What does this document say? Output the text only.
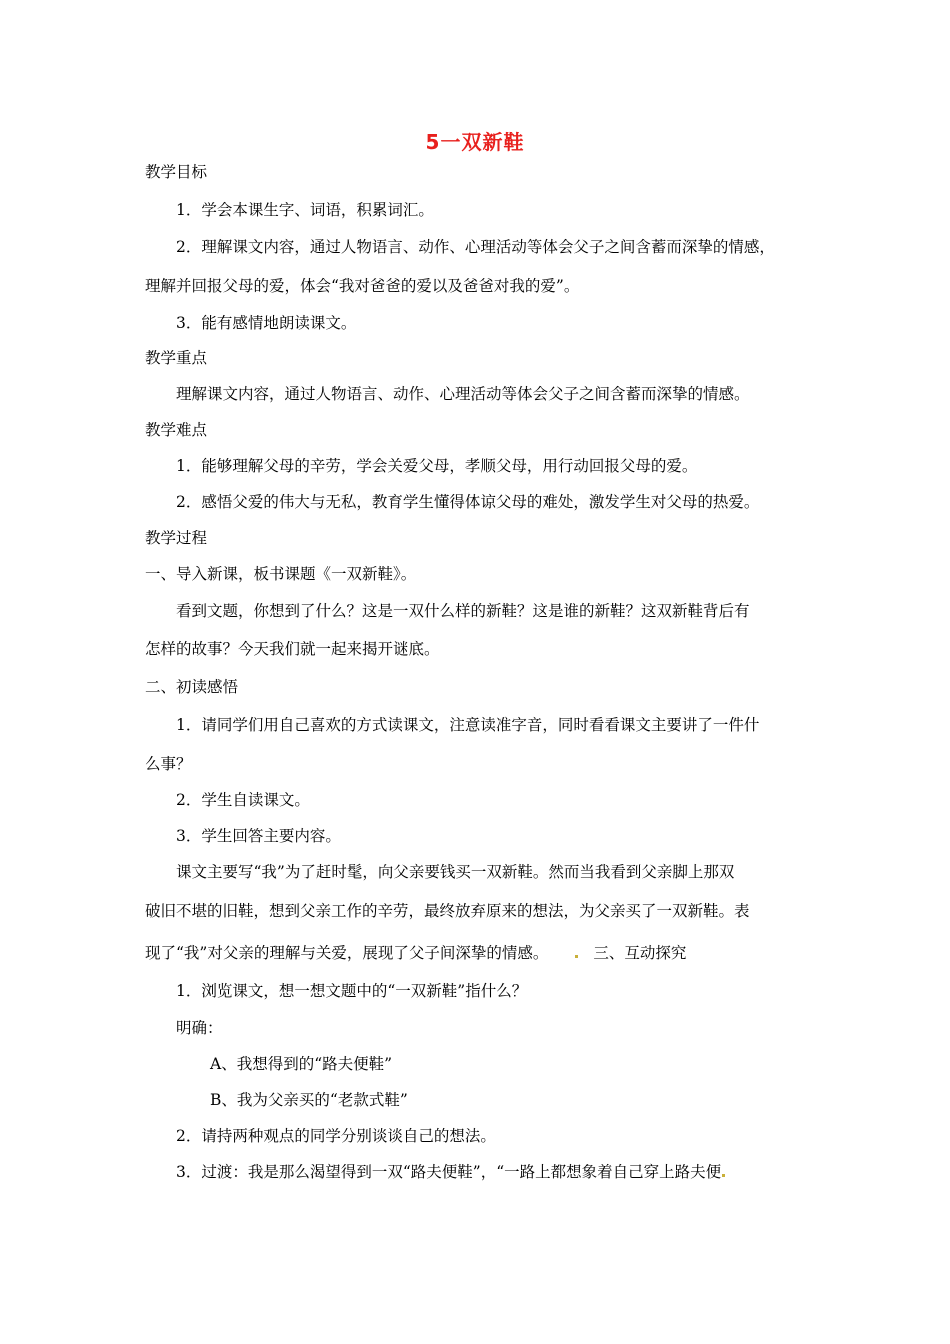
5一双新鞋
教学目标
1．学会本课生字、词语，积累词汇。
2．理解课文内容，通过人物语言、动作、心理活动等体会父子之间含蓄而深挚的情感，
理解并回报父母的爱，体会“我对爸爸的爱以及爸爸对我的爱”。
3．能有感情地朗读课文。
教学重点
理解课文内容，通过人物语言、动作、心理活动等体会父子之间含蓄而深挚的情感。
教学难点
1．能够理解父母的辛劳，学会关爱父母，孝顺父母，用行动回报父母的爱。
2．感悟父爱的伟大与无私，教育学生懂得体谅父母的难处，激发学生对父母的热爱。
教学过程
一、导入新课，板书课题《一双新鞋》。
看到文题，你想到了什么？这是一双什么样的新鞋？这是谁的新鞋？这双新鞋背后有
怎样的故事？今天我们就一起来揭开谜底。
二、初读感悟
1．请同学们用自己喜欢的方式读课文，注意读准字音，同时看看课文主要讲了一件什
么事？
2．学生自读课文。
3．学生回答主要内容。
课文主要写“我”为了赶时髦，向父亲要钱买一双新鞋。然而当我看到父亲脚上那双
破旧不堪的旧鞋，想到父亲工作的辛劳，最终放弃原来的想法，为父亲买了一双新鞋。表
现了“我”对父亲的理解与关爱，展现了父子间深挚的情感。	三、互动探究
1．浏览课文，想一想文题中的“一双新鞋”指什么？
明确：
A、我想得到的“路夫便鞋”
B、我为父亲买的“老款式鞋”
2．请持两种观点的同学分别谈谈自己的想法。
3．过渡：我是那么渴望得到一双“路夫便鞋”，“一路上都想象着自己穿上路夫便
